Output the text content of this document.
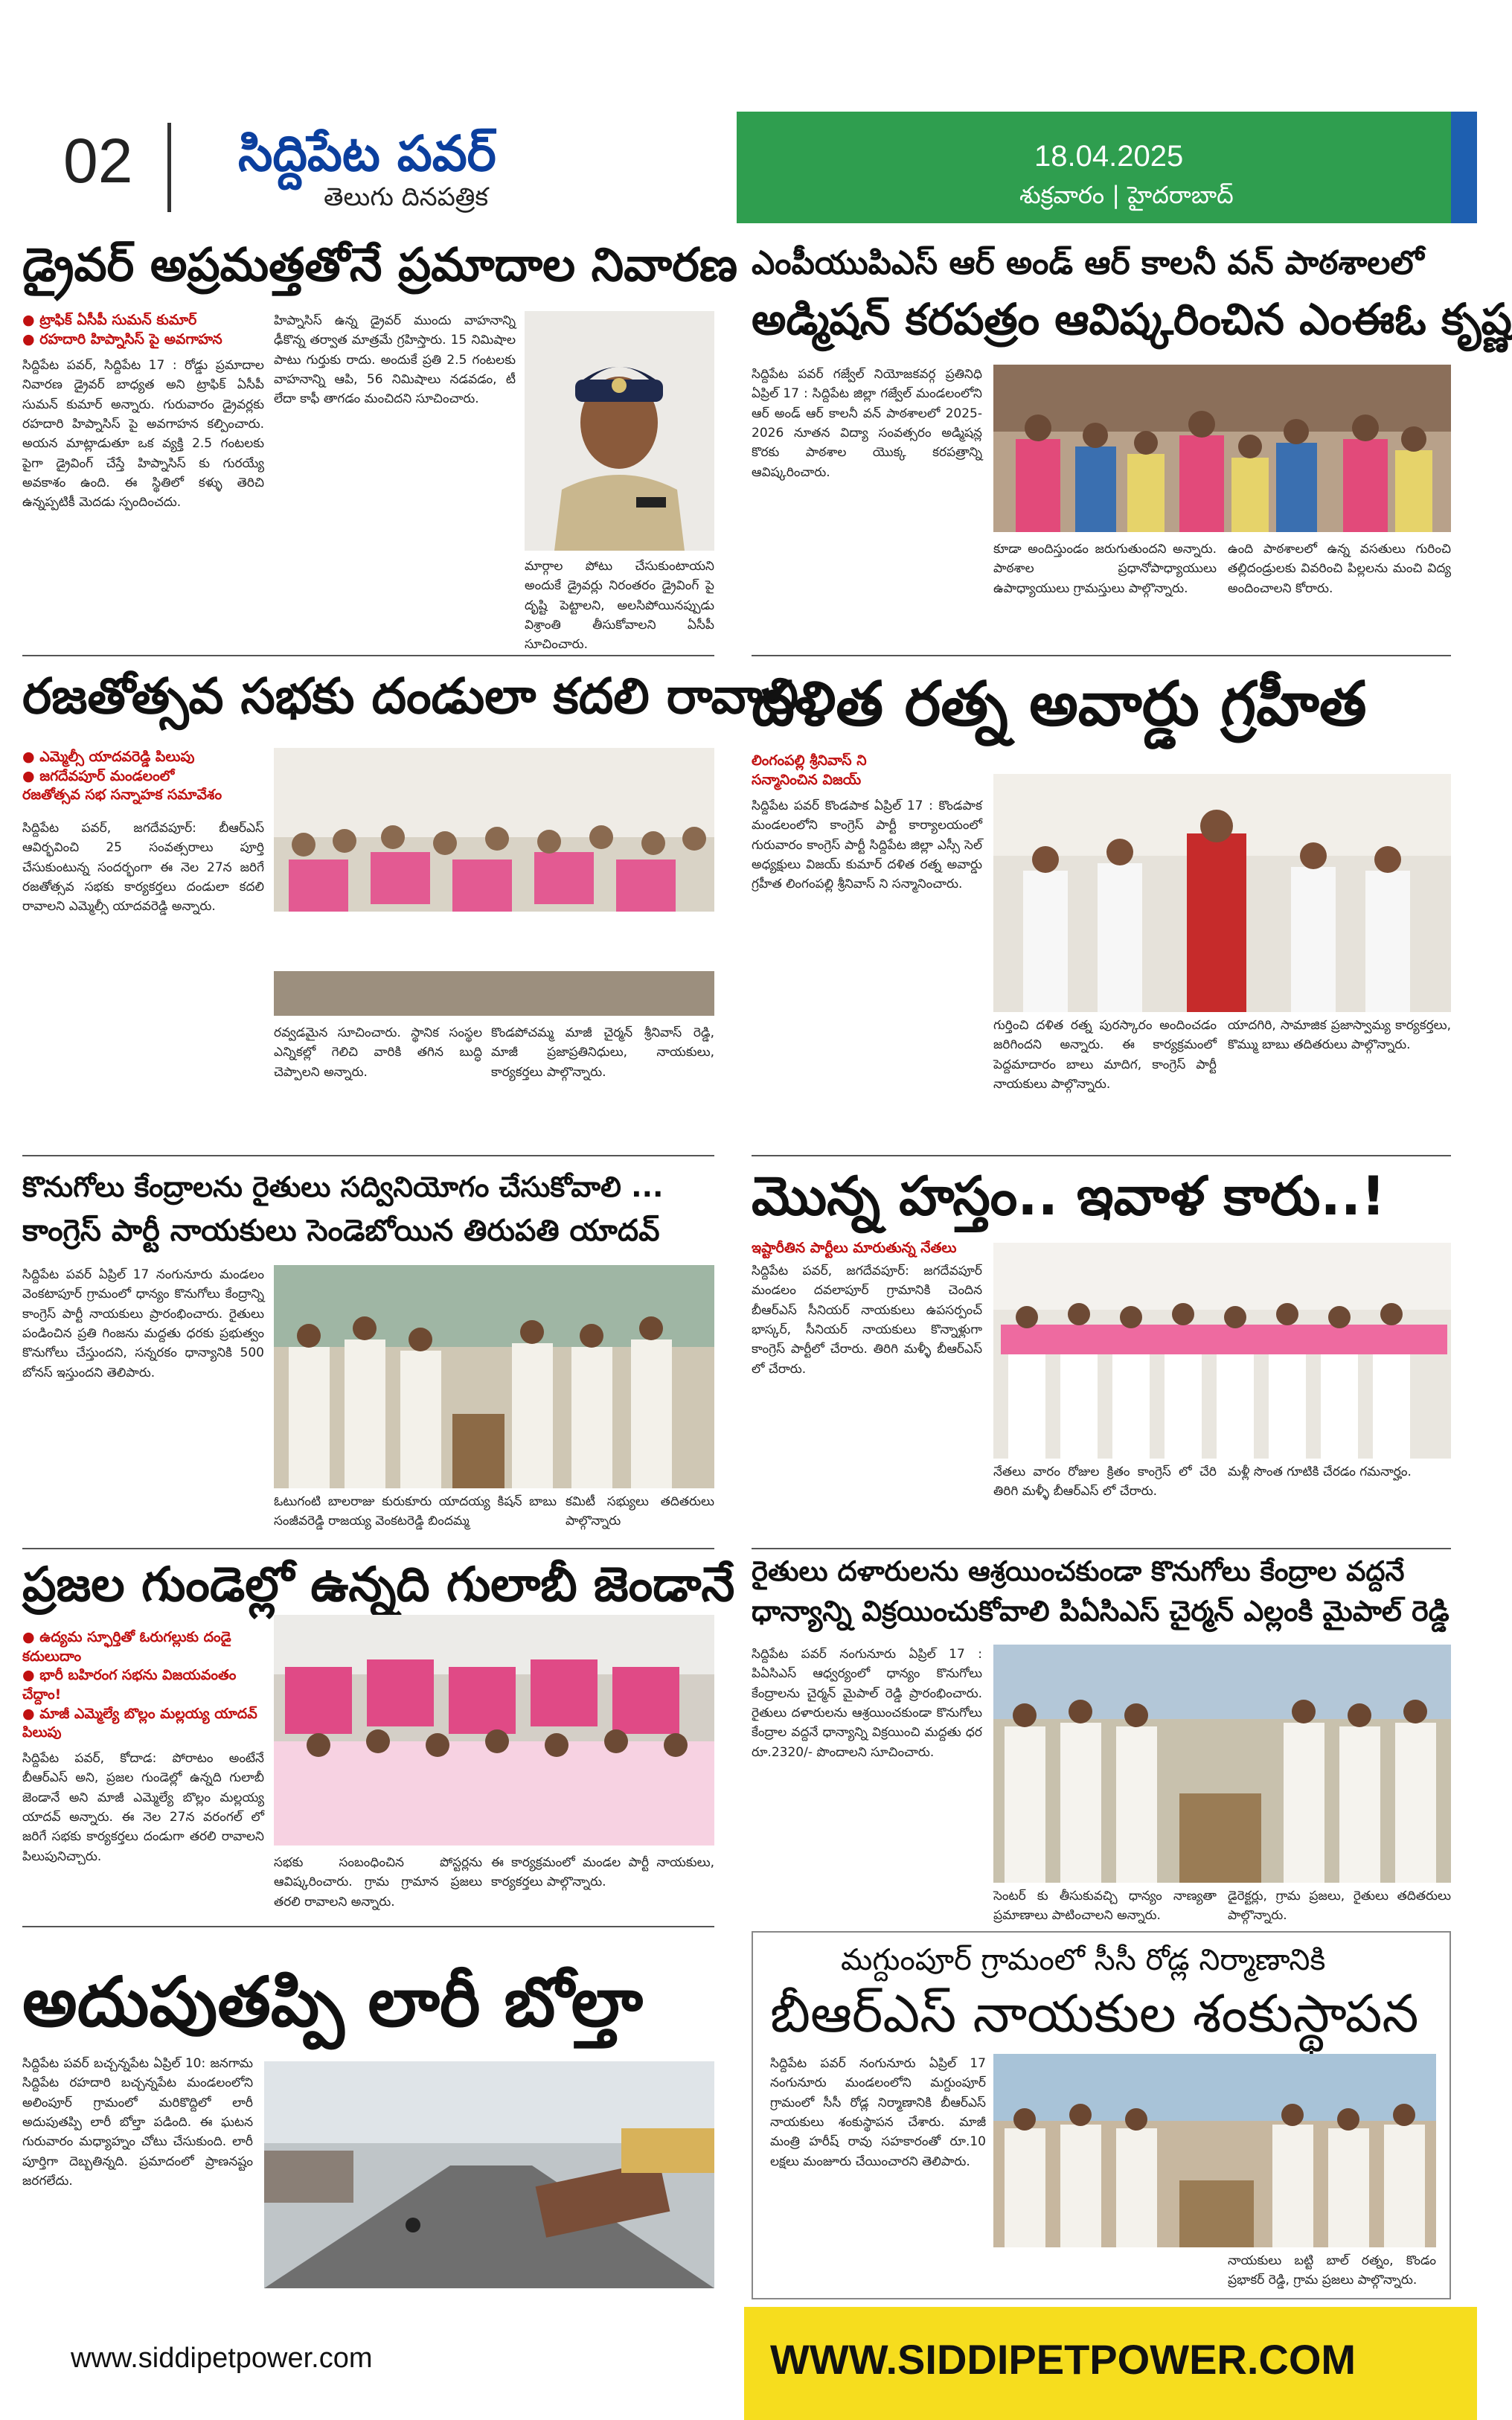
02 సిద్దిపేట పవర్
తెలుగు దినపత్రిక
18.04.2025
శుక్రవారం | హైదరాబాద్
డ్రైవర్ అప్రమత్తతోనే ప్రమాదాల నివారణ
● ట్రాఫిక్ ఏసీపీ సుమన్ కుమార్
● రహదారి హిప్నాసిస్ పై అవగాహన
సిద్దిపేట పవర్, సిద్దిపేట 17 : రోడ్డు ప్రమాదాల నివారణ డ్రైవర్ బాధ్యత అని ట్రాఫిక్ ఏసీపీ సుమన్ కుమార్ అన్నారు. గురువారం డ్రైవర్లకు రహదారి హిప్నాసిస్ పై అవగాహన కల్పించారు. అయన మాట్లాడుతూ ఒక వ్యక్తి 2.5 గంటలకు పైగా డ్రైవింగ్ చేస్తే హిప్నాసిస్ కు గురయ్యే అవకాశం ఉంది. ఈ స్థితిలో కళ్ళు తెరిచి ఉన్నప్పటికీ మెదడు స్పందించదు.
హిప్నాసిస్ ఉన్న డ్రైవర్ ముందు వాహనాన్ని ఢీకొన్న తర్వాత మాత్రమే గ్రహిస్తారు. 15 నిమిషాల పాటు గుర్తుకు రాదు. అందుకే ప్రతి 2.5 గంటలకు వాహనాన్ని ఆపి, 56 నిమిషాలు నడవడం, టీ లేదా కాఫీ తాగడం మంచిదని సూచించారు.
మార్గాల పోటు చేసుకుంటాయని అందుకే డ్రైవర్లు నిరంతరం డ్రైవింగ్ పై దృష్టి పెట్టాలని, అలసిపోయినప్పుడు విశ్రాంతి తీసుకోవాలని ఏసీపీ సూచించారు.
ఎంపీయుపిఎస్ ఆర్ అండ్ ఆర్ కాలనీ వన్ పాఠశాలలో
అడ్మిషన్ కరపత్రం ఆవిష్కరించిన ఎంఈఓ కృష్ణ
సిద్దిపేట పవర్ గజ్వేల్ నియోజకవర్గ ప్రతినిధి ఏప్రిల్ 17 : సిద్దిపేట జిల్లా గజ్వేల్ మండలంలోని ఆర్ అండ్ ఆర్ కాలనీ వన్ పాఠశాలలో 2025-2026 నూతన విద్యా సంవత్సరం అడ్మిషన్ల కొరకు పాఠశాల యొక్క కరపత్రాన్ని ఆవిష్కరించారు.
కూడా అందిస్తుండం జరుగుతుందని అన్నారు. పాఠశాల ప్రధానోపాధ్యాయులు ఉపాధ్యాయులు గ్రామస్తులు పాల్గొన్నారు.
ఉంది పాఠశాలలో ఉన్న వసతులు గురించి తల్లిదండ్రులకు వివరించి పిల్లలను మంచి విద్య అందించాలని కోరారు.
రజతోత్సవ సభకు దండులా కదలి రావాలి
● ఎమ్మెల్సీ యాదవరెడ్డి పిలుపు
● జగదేవపూర్ మండలంలో
రజతోత్సవ సభ సన్నాహక సమావేశం
సిద్దిపేట పవర్, జగదేవపూర్: బీఆర్ఎస్ ఆవిర్భవించి 25 సంవత్సరాలు పూర్తి చేసుకుంటున్న సందర్భంగా ఈ నెల 27న జరిగే రజతోత్సవ సభకు కార్యకర్తలు దండులా కదలి రావాలని ఎమ్మెల్సీ యాదవరెడ్డి అన్నారు.
రవ్వడమైన సూచించారు. స్థానిక సంస్థల ఎన్నికల్లో గెలిచి వారికి తగిన బుద్ధి చెప్పాలని అన్నారు.
కొండపోచమ్మ మాజీ చైర్మన్ శ్రీనివాస్ రెడ్డి, మాజీ ప్రజాప్రతినిధులు, నాయకులు, కార్యకర్తలు పాల్గొన్నారు.
దళిత రత్న అవార్డు గ్రహీత
లింగంపల్లి శ్రీనివాస్ ని
సన్మానించిన విజయ్
సిద్దిపేట పవర్ కొండపాక ఏప్రిల్ 17 : కొండపాక మండలంలోని కాంగ్రెస్ పార్టీ కార్యాలయంలో గురువారం కాంగ్రెస్ పార్టీ సిద్దిపేట జిల్లా ఎస్సీ సెల్ అధ్యక్షులు విజయ్ కుమార్ దళిత రత్న అవార్డు గ్రహీత లింగంపల్లి శ్రీనివాస్ ని సన్మానించారు.
గుర్తించి దళిత రత్న పురస్కారం అందించడం జరిగిందని అన్నారు. ఈ కార్యక్రమంలో పెద్దమాదారం బాలు మాదిగ, కాంగ్రెస్ పార్టీ నాయకులు పాల్గొన్నారు.
యాదగిరి, సామాజిక ప్రజాస్వామ్య కార్యకర్తలు, కొమ్ము బాబు తదితరులు పాల్గొన్నారు.
కొనుగోలు కేంద్రాలను రైతులు సద్వినియోగం చేసుకోవాలి ...
కాంగ్రెస్ పార్టీ నాయకులు సెండెబోయిన తిరుపతి యాదవ్
సిద్దిపేట పవర్ ఏప్రిల్ 17 నంగునూరు మండలం వెంకటాపూర్ గ్రామంలో ధాన్యం కొనుగోలు కేంద్రాన్ని కాంగ్రెస్ పార్టీ నాయకులు ప్రారంభించారు. రైతులు పండించిన ప్రతి గింజను మద్దతు ధరకు ప్రభుత్వం కొనుగోలు చేస్తుందని, సన్నరకం ధాన్యానికి 500 బోనస్ ఇస్తుందని తెలిపారు.
ఓటుగంటి బాలరాజు కురుకూరు యాదయ్య కిషన్ బాబు సంజీవరెడ్డి రాజయ్య వెంకటరెడ్డి బిందమ్మ
కమిటీ సభ్యులు తదితరులు పాల్గొన్నారు
మొన్న హస్తం.. ఇవాళ కారు..!
ఇష్టారీతిన పార్టీలు మారుతున్న నేతలు
సిద్దిపేట పవర్, జగదేవపూర్: జగదేవపూర్ మండలం దవలాపూర్ గ్రామానికి చెందిన బీఆర్ఎస్ సీనియర్ నాయకులు ఉపసర్పంచ్ భాస్కర్, సీనియర్ నాయకులు కొన్నాళ్లుగా కాంగ్రెస్ పార్టీలో చేరారు. తిరిగి మళ్ళీ బీఆర్ఎస్ లో చేరారు.
నేతలు వారం రోజుల క్రితం కాంగ్రెస్ లో చేరి తిరిగి మళ్ళీ బీఆర్ఎస్ లో చేరారు.
మళ్లీ సొంత గూటికి చేరడం గమనార్హం.
రైతులు దళారులను ఆశ్రయించకుండా కొనుగోలు కేంద్రాల వద్దనే
ధాన్యాన్ని విక్రయించుకోవాలి పిఏసిఎస్ చైర్మన్ ఎల్లంకి మైపాల్ రెడ్డి
సిద్దిపేట పవర్ నంగునూరు ఏప్రిల్ 17 : పిఏసిఎస్ ఆధ్వర్యంలో ధాన్యం కొనుగోలు కేంద్రాలను చైర్మన్ మైపాల్ రెడ్డి ప్రారంభించారు. రైతులు దళారులను ఆశ్రయించకుండా కొనుగోలు కేంద్రాల వద్దనే ధాన్యాన్ని విక్రయించి మద్దతు ధర రూ.2320/- పొందాలని సూచించారు.
సెంటర్ కు తీసుకువచ్చి ధాన్యం నాణ్యతా ప్రమాణాలు పాటించాలని అన్నారు.
డైరెక్టర్లు, గ్రామ ప్రజలు, రైతులు తదితరులు పాల్గొన్నారు.
ప్రజల గుండెల్లో ఉన్నది గులాబీ జెండానే
● ఉద్యమ స్ఫూర్తితో ఓరుగల్లుకు దండై కదులుదాం
● భారీ బహిరంగ సభను విజయవంతం చేద్దాం!
● మాజీ ఎమ్మెల్యే బొల్లం మల్లయ్య యాదవ్ పిలుపు
సిద్దిపేట పవర్, కోదాడ: పోరాటం అంటేనే బీఆర్ఎస్ అని, ప్రజల గుండెల్లో ఉన్నది గులాబీ జెండానే అని మాజీ ఎమ్మెల్యే బొల్లం మల్లయ్య యాదవ్ అన్నారు. ఈ నెల 27న వరంగల్ లో జరిగే సభకు కార్యకర్తలు దండుగా తరలి రావాలని పిలుపునిచ్చారు.	సభకు సంబంధించిన పోస్టర్లను ఆవిష్కరించారు. గ్రామ గ్రామాన ప్రజలు తరలి రావాలని అన్నారు.
ఈ కార్యక్రమంలో మండల పార్టీ నాయకులు, కార్యకర్తలు పాల్గొన్నారు.
అదుపుతప్పి లారీ బోల్తా
సిద్దిపేట పవర్ బచ్చన్నపేట ఏప్రిల్ 10: జనగామ సిద్దిపేట రహదారి బచ్చన్నపేట మండలంలోని అలింపూర్ గ్రామంలో మరికొద్దిలో లారీ అదుపుతప్పి లారీ బోల్తా పడింది. ఈ ఘటన గురువారం మధ్యాహ్నం చోటు చేసుకుంది. లారీ పూర్తిగా దెబ్బతిన్నది. ప్రమాదంలో ప్రాణనష్టం జరగలేదు.
మగ్దుంపూర్ గ్రామంలో సీసీ రోడ్ల నిర్మాణానికి
బీఆర్ఎస్ నాయకుల శంకుస్థాపన
సిద్దిపేట పవర్ నంగునూరు ఏప్రిల్ 17 నంగునూరు మండలంలోని మగ్దుంపూర్ గ్రామంలో సీసీ రోడ్ల నిర్మాణానికి బీఆర్ఎస్ నాయకులు శంకుస్థాపన చేశారు. మాజీ మంత్రి హరీష్ రావు సహకారంతో రూ.10 లక్షలు మంజూరు చేయించారని తెలిపారు.
నాయకులు బట్టి బాల్ రత్నం, కొండం ప్రభాకర్ రెడ్డి, గ్రామ ప్రజలు పాల్గొన్నారు.
www.siddipetpower.com	WWW.SIDDIPETPOWER.COM
